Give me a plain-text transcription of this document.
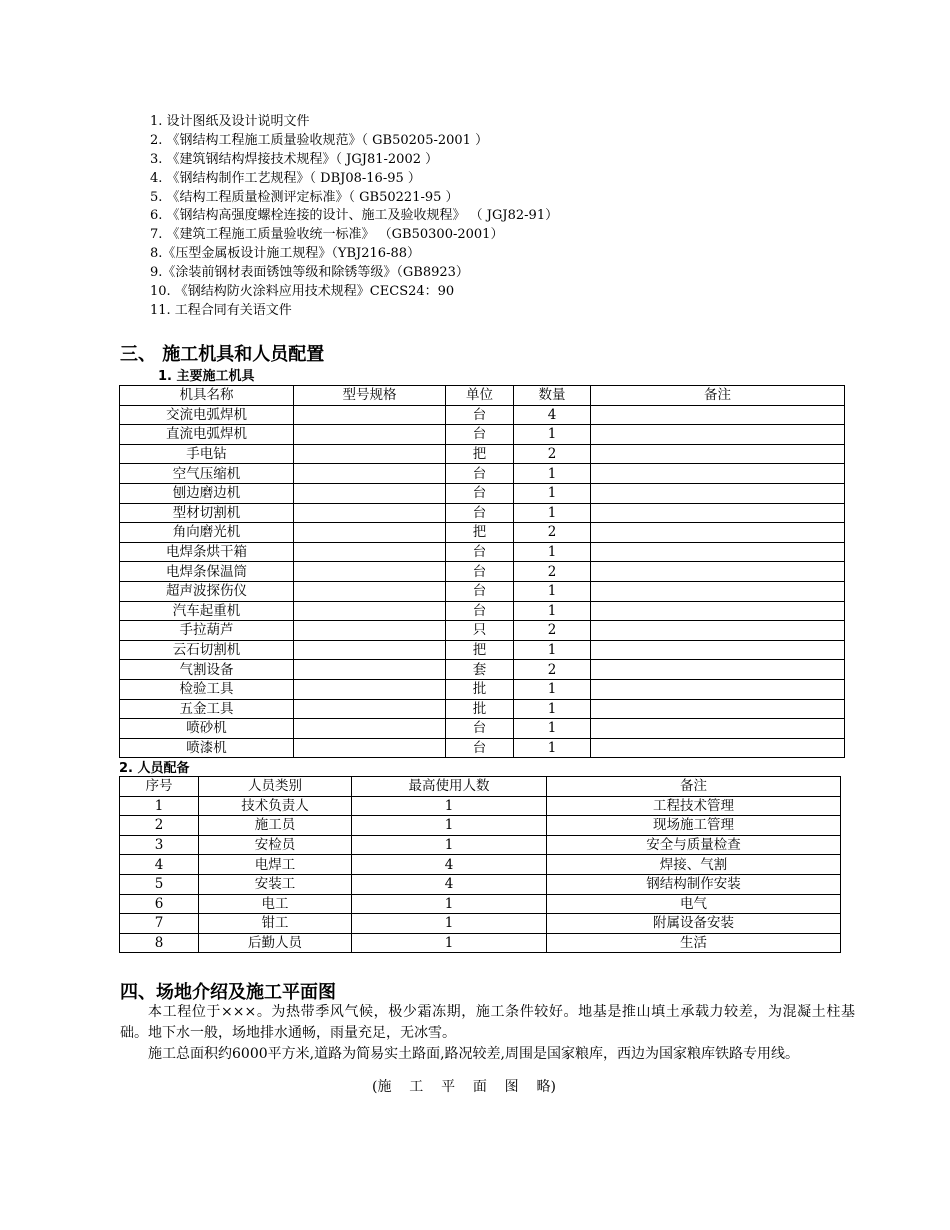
1. 设计图纸及设计说明文件
2. 《钢结构工程施工质量验收规范》（ GB50205-2001 ）
3. 《建筑钢结构焊接技术规程》（ JGJ81-2002 ）
4. 《钢结构制作工艺规程》（ DBJ08-16-95 ）
5. 《结构工程质量检测评定标准》（ GB50221-95 ）
6. 《钢结构高强度螺栓连接的设计、施工及验收规程》 （ JGJ82-91）
7. 《建筑工程施工质量验收统一标准》 （GB50300-2001）
8.《压型金属板设计施工规程》（YBJ216-88）
9.《涂装前钢材表面锈蚀等级和除锈等级》（GB8923）
10. 《钢结构防火涂料应用技术规程》CECS24：90
11. 工程合同有关语文件
三、 施工机具和人员配置
1. 主要施工机具
机具名称	型号规格	单位	数量	备注
交流电弧焊机		台	4	
直流电弧焊机		台	1	
手电钻		把	2	
空气压缩机		台	1	
刨边磨边机		台	1	
型材切割机		台	1	
角向磨光机		把	2	
电焊条烘干箱		台	1	
电焊条保温筒		台	2	
超声波探伤仪		台	1	
汽车起重机		台	1	
手拉葫芦		只	2	
云石切割机		把	1	
气割设备		套	2	
检验工具		批	1	
五金工具		批	1	
喷砂机		台	1	
喷漆机		台	1	
2. 人员配备
序号	人员类别	最高使用人数	备注
1	技术负责人	1	工程技术管理
2	施工员	1	现场施工管理
3	安检员	1	安全与质量检查
4	电焊工	4	焊接、气割
5	安装工	4	钢结构制作安装
6	电工	1	电气
7	钳工	1	附属设备安装
8	后勤人员	1	生活
四、场地介绍及施工平面图

本工程位于×××。为热带季风气候，极少霜冻期，施工条件较好。地基是推山填土承载力较差，为混凝土柱基础。地下水一般，场地排水通畅，雨量充足，无冰雪。

施工总面积约6000平方米,道路为简易实土路面,路况较差,周围是国家粮库，西边为国家粮库铁路专用线。

(施    工    平    面    图    略)
